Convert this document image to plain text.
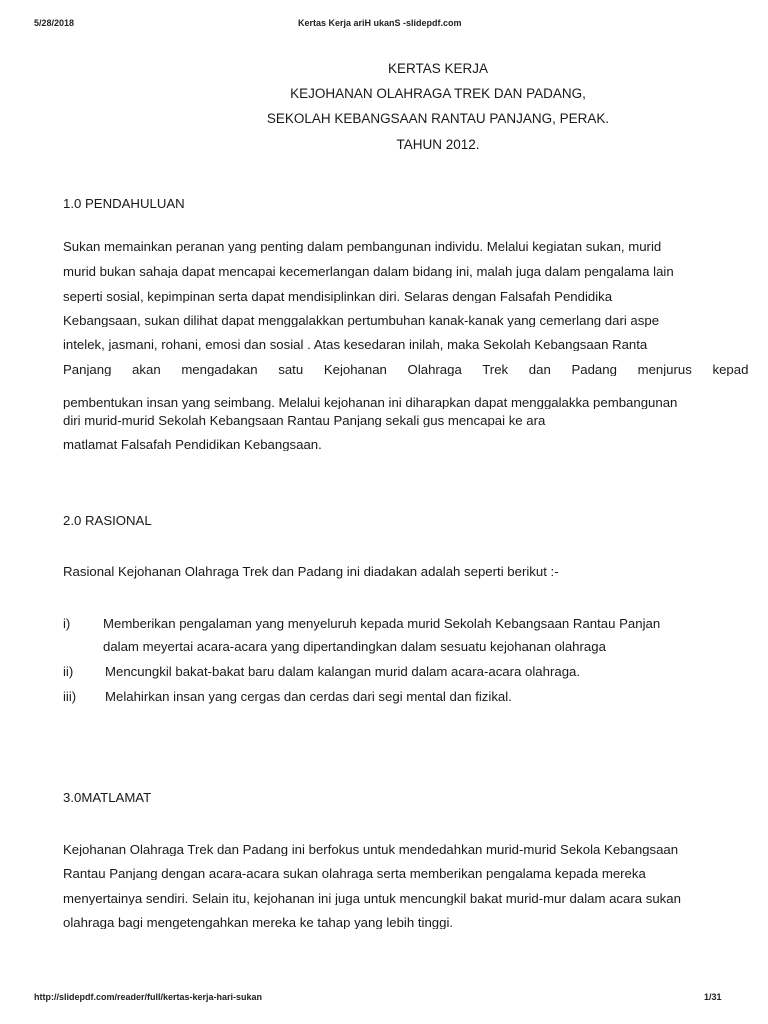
5/28/2018	Kertas Kerja ariH ukanS -slidepdf.com
KERTAS KERJA
KEJOHANAN OLAHRAGA TREK DAN PADANG,
SEKOLAH KEBANGSAAN RANTAU PANJANG, PERAK.
TAHUN 2012.
1.0 PENDAHULUAN
Sukan memainkan peranan yang penting dalam pembangunan individu. Melalui kegiatan sukan, murid
murid bukan sahaja dapat mencapai kecemerlangan dalam bidang ini, malah juga dalam pengalama lain
seperti sosial, kepimpinan serta dapat mendisiplinkan diri. Selaras dengan Falsafah Pendidika
Kebangsaan, sukan dilihat dapat menggalakkan pertumbuhan kanak-kanak yang cemerlang dari aspe
intelek, jasmani, rohani, emosi dan sosial . Atas kesedaran inilah, maka Sekolah Kebangsaan Ranta
Panjang akan mengadakan satu Kejohanan Olahraga Trek dan Padang menjurus kepad
pembentukan insan yang seimbang. Melalui kejohanan ini diharapkan dapat menggalakka pembangunan
diri murid-murid Sekolah Kebangsaan Rantau Panjang sekali gus mencapai ke ara
matlamat Falsafah Pendidikan Kebangsaan.
2.0 RASIONAL
Rasional Kejohanan Olahraga Trek dan Padang ini diadakan adalah seperti berikut :-
i) Memberikan pengalaman yang menyeluruh kepada murid Sekolah Kebangsaan Rantau Panjan
dalam meyertai acara-acara yang dipertandingkan dalam sesuatu kejohanan olahraga
ii) Mencungkil bakat-bakat baru dalam kalangan murid dalam acara-acara olahraga.
iii) Melahirkan insan yang cergas dan cerdas dari segi mental dan fizikal.
3.0MATLAMAT
Kejohanan Olahraga Trek dan Padang ini berfokus untuk mendedahkan murid-murid Sekola Kebangsaan
Rantau Panjang dengan acara-acara sukan olahraga serta memberikan pengalama kepada mereka
menyertainya sendiri. Selain itu, kejohanan ini juga untuk mencungkil bakat murid-mur dalam acara sukan
olahraga bagi mengetengahkan mereka ke tahap yang lebih tinggi.
http://slidepdf.com/reader/full/kertas-kerja-hari-sukan	1/31
